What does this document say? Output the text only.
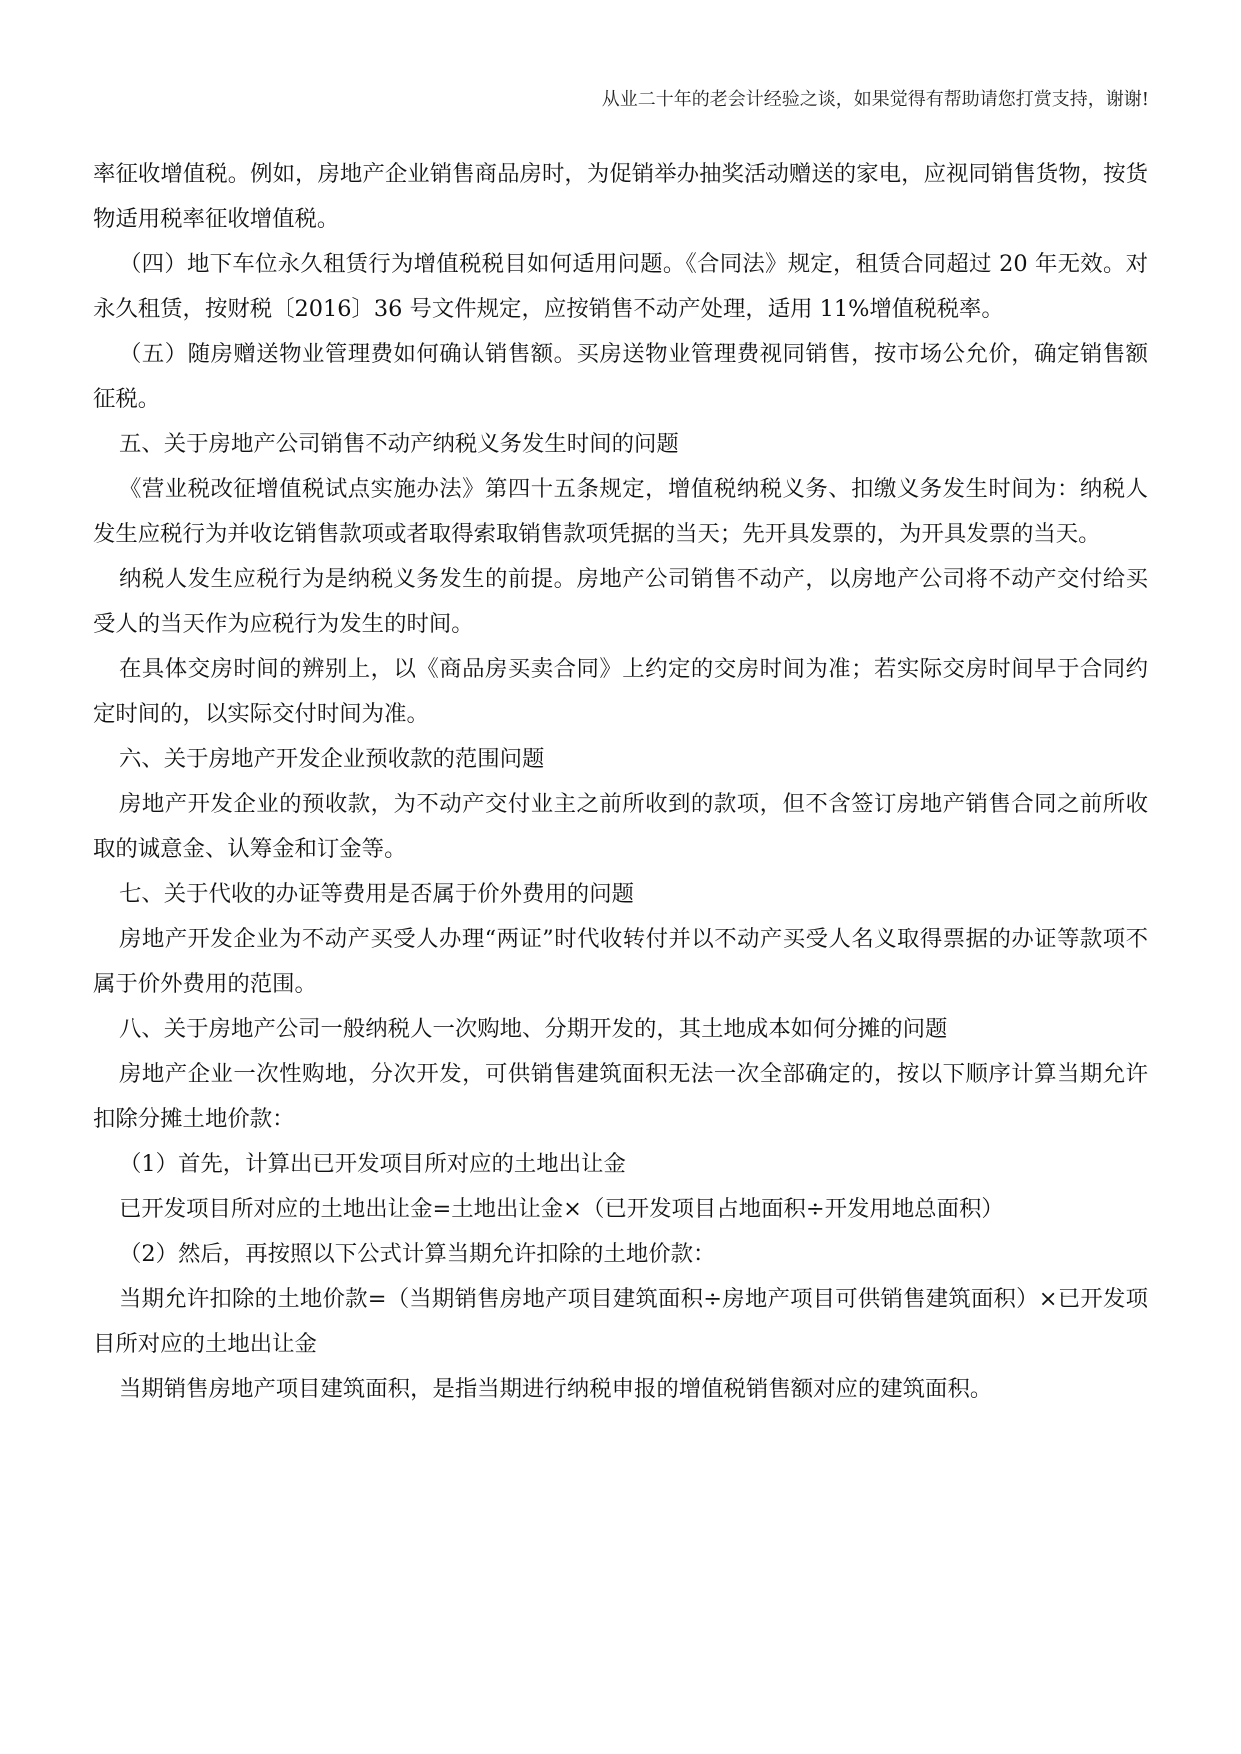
从业二十年的老会计经验之谈，如果觉得有帮助请您打赏支持，谢谢!

率征收增值税。例如，房地产企业销售商品房时，为促销举办抽奖活动赠送的家电，应视同销售货物，按货物适用税率征收增值税。

（四）地下车位永久租赁行为增值税税目如何适用问题。《合同法》规定，租赁合同超过 20 年无效。对永久租赁，按财税〔2016〕36 号文件规定，应按销售不动产处理，适用 11%增值税税率。

（五）随房赠送物业管理费如何确认销售额。买房送物业管理费视同销售，按市场公允价，确定销售额征税。

五、关于房地产公司销售不动产纳税义务发生时间的问题

《营业税改征增值税试点实施办法》第四十五条规定，增值税纳税义务、扣缴义务发生时间为：纳税人发生应税行为并收讫销售款项或者取得索取销售款项凭据的当天；先开具发票的，为开具发票的当天。

纳税人发生应税行为是纳税义务发生的前提。房地产公司销售不动产，以房地产公司将不动产交付给买受人的当天作为应税行为发生的时间。

在具体交房时间的辨别上，以《商品房买卖合同》上约定的交房时间为准；若实际交房时间早于合同约定时间的，以实际交付时间为准。

六、关于房地产开发企业预收款的范围问题

房地产开发企业的预收款，为不动产交付业主之前所收到的款项，但不含签订房地产销售合同之前所收取的诚意金、认筹金和订金等。

七、关于代收的办证等费用是否属于价外费用的问题

房地产开发企业为不动产买受人办理“两证”时代收转付并以不动产买受人名义取得票据的办证等款项不属于价外费用的范围。

八、关于房地产公司一般纳税人一次购地、分期开发的，其土地成本如何分摊的问题

房地产企业一次性购地，分次开发，可供销售建筑面积无法一次全部确定的，按以下顺序计算当期允许扣除分摊土地价款：

（1）首先，计算出已开发项目所对应的土地出让金

已开发项目所对应的土地出让金=土地出让金×（已开发项目占地面积÷开发用地总面积）

（2）然后，再按照以下公式计算当期允许扣除的土地价款：

当期允许扣除的土地价款=（当期销售房地产项目建筑面积÷房地产项目可供销售建筑面积）×已开发项目所对应的土地出让金

当期销售房地产项目建筑面积，是指当期进行纳税申报的增值税销售额对应的建筑面积。
